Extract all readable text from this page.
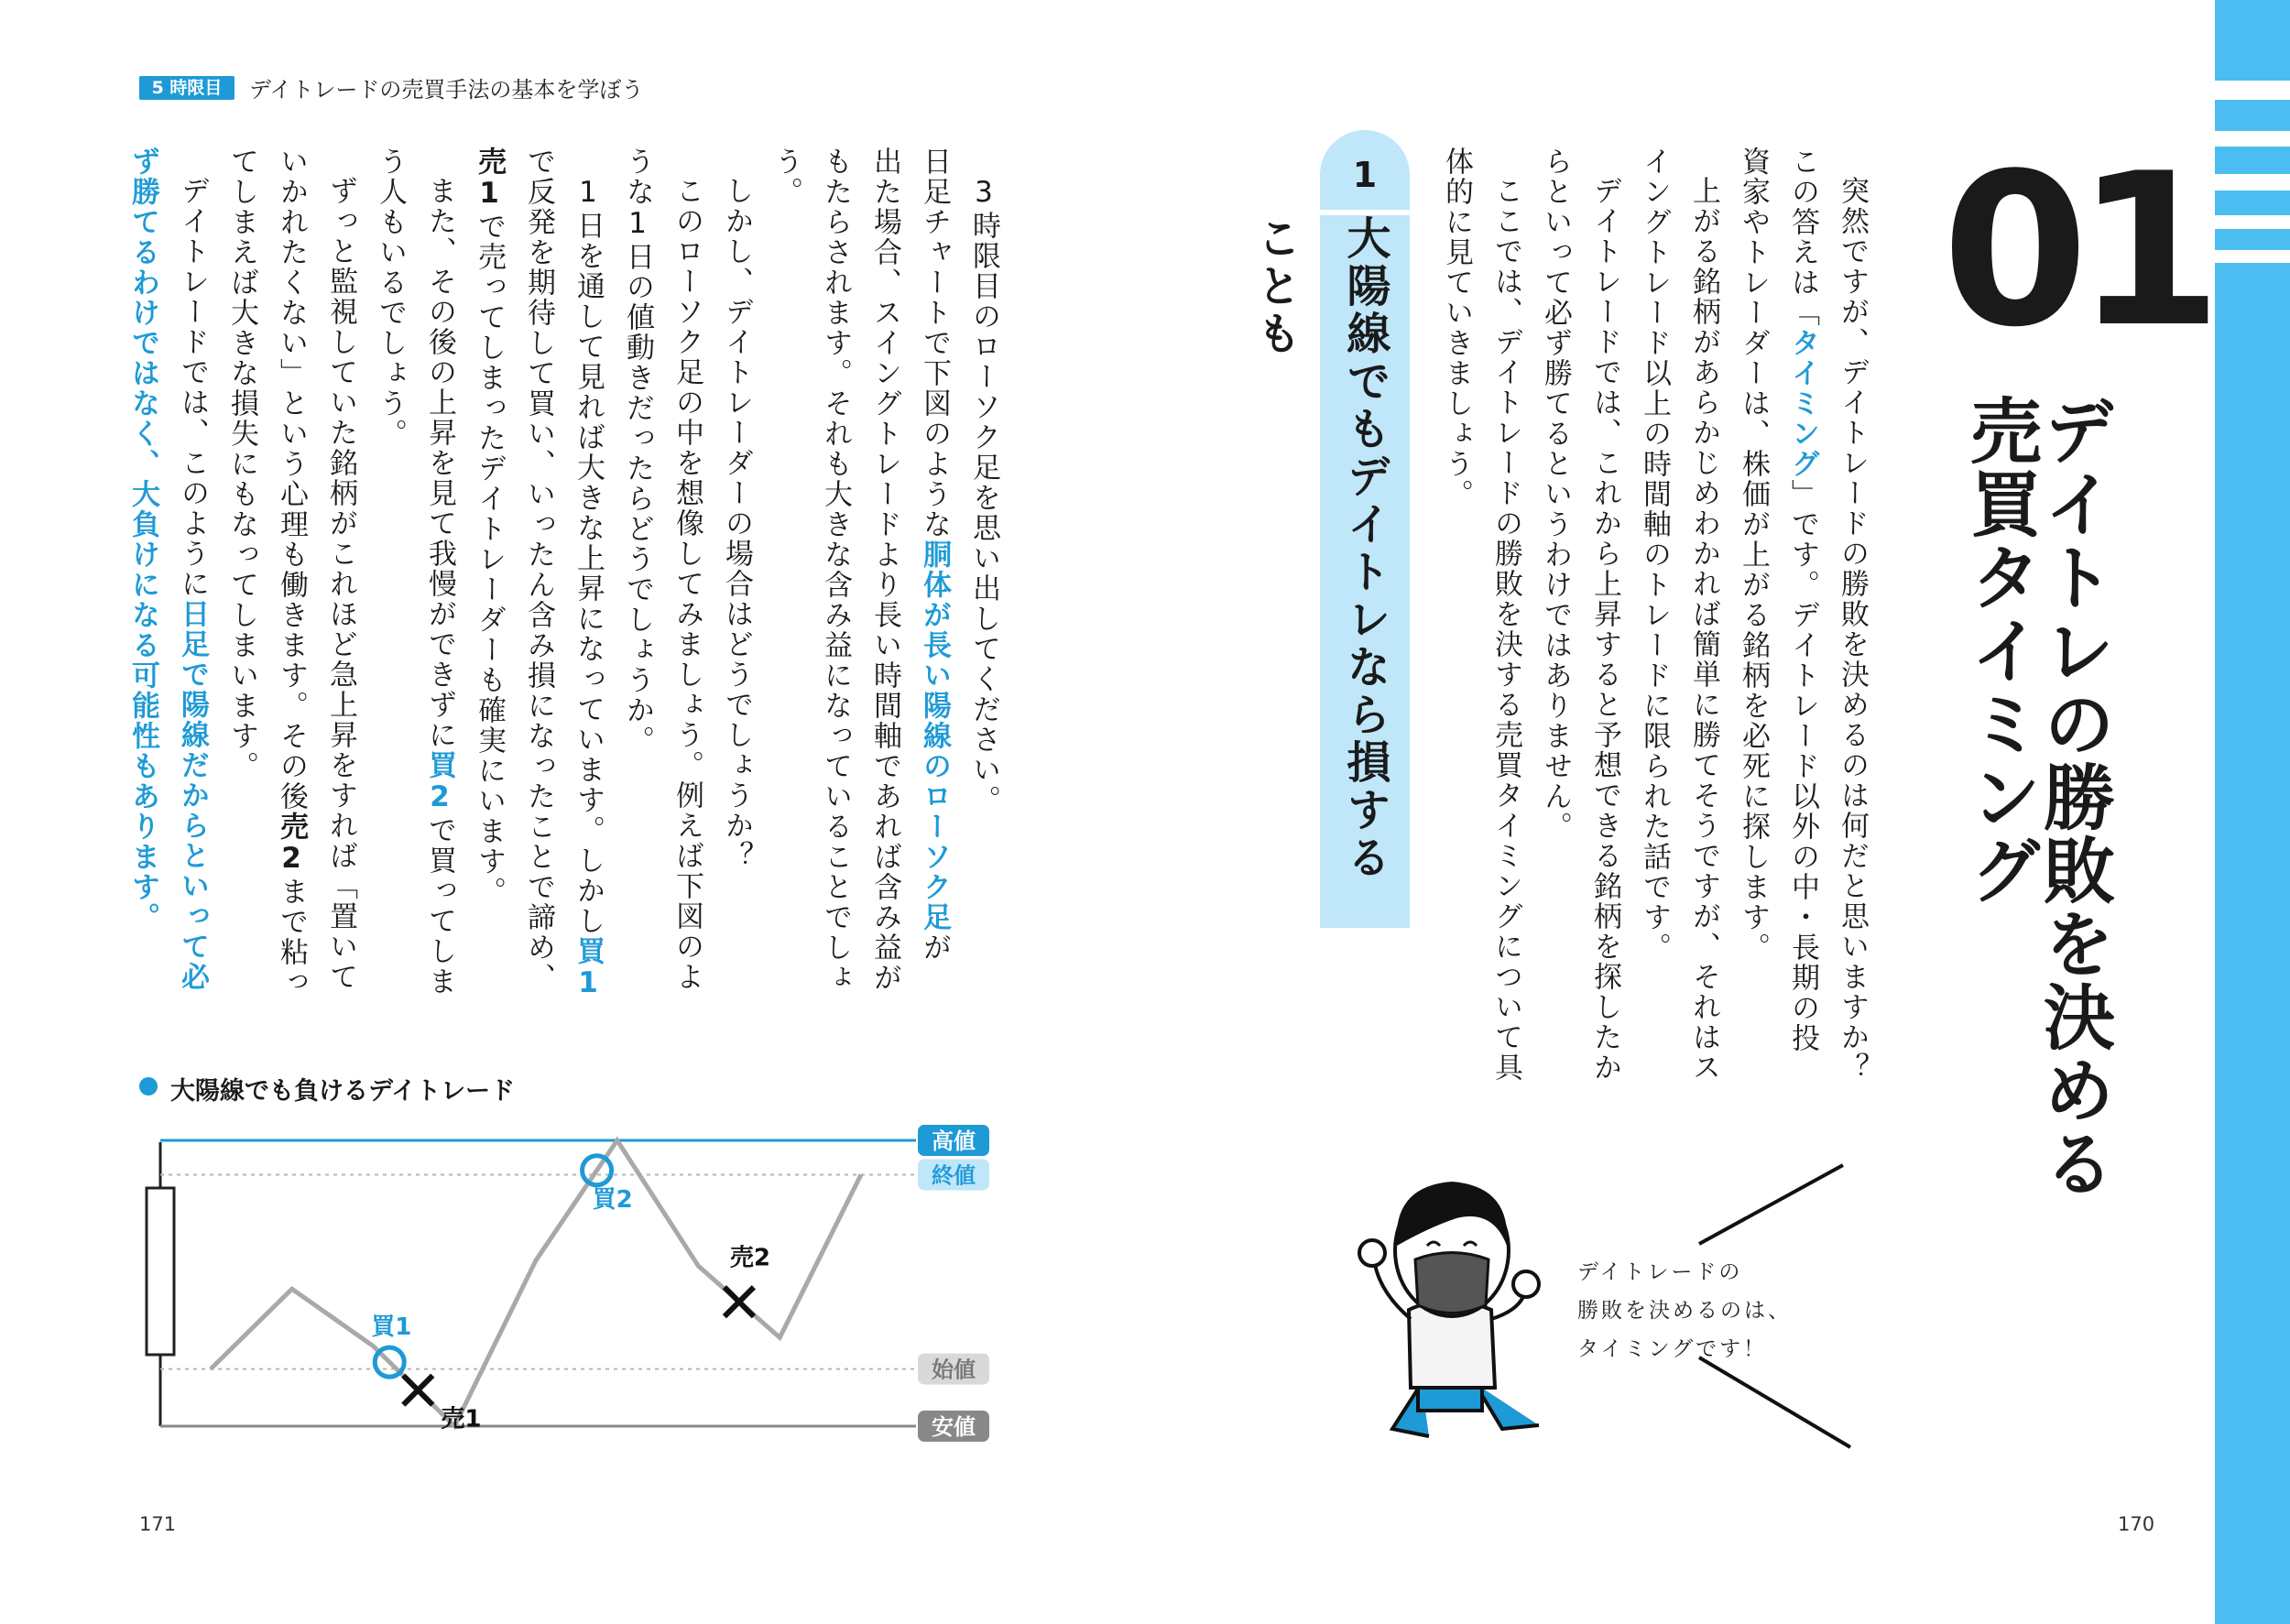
5 時限目	デイトレードの売買手法の基本を学ぼう
01
デイトレの勝敗を決める
売買タイミング
突然ですが、デイトレードの勝敗を決めるのは何だと思いますか？
この答えは「タイミング」です。デイトレード以外の中・長期の投
資家やトレーダーは、株価が上がる銘柄を必死に探します。
上がる銘柄があらかじめわかれば簡単に勝てそうですが、それはス
イングトレード以上の時間軸のトレードに限られた話です。
デイトレードでは、これから上昇すると予想できる銘柄を探したか
らといって必ず勝てるというわけではありません。
ここでは、デイトレードの勝敗を決する売買タイミングについて具
体的に見ていきましょう。
1
大陽線でもデイトレなら損することも
デイトレードの
勝敗を決めるのは、
タイミングです！
3時限目のローソク足を思い出してください。
日足チャートで下図のような胴体が長い陽線のローソク足が
出た場合、スイングトレードより長い時間軸であれば含み益が
もたらされます。それも大きな含み益になっていることでしょ
う。
しかし、デイトレーダーの場合はどうでしょうか？
このローソク足の中を想像してみましょう。例えば下図のよ
うな1日の値動きだったらどうでしょうか。
1日を通して見れば大きな上昇になっています。しかし買1
で反発を期待して買い、いったん含み損になったことで諦め、
売1で売ってしまったデイトレーダーも確実にいます。
また、その後の上昇を見て我慢ができずに買2で買ってしま
う人もいるでしょう。
ずっと監視していた銘柄がこれほど急上昇をすれば「置いて
いかれたくない」という心理も働きます。その後売2まで粘っ
てしまえば大きな損失にもなってしまいます。
デイトレードでは、このように日足で陽線だからといって必
ず勝てるわけではなく、大負けになる可能性もあります。
大陽線でも負けるデイトレード
高値
終値
始値
安値
買1
売1
買2
売2
171	170
